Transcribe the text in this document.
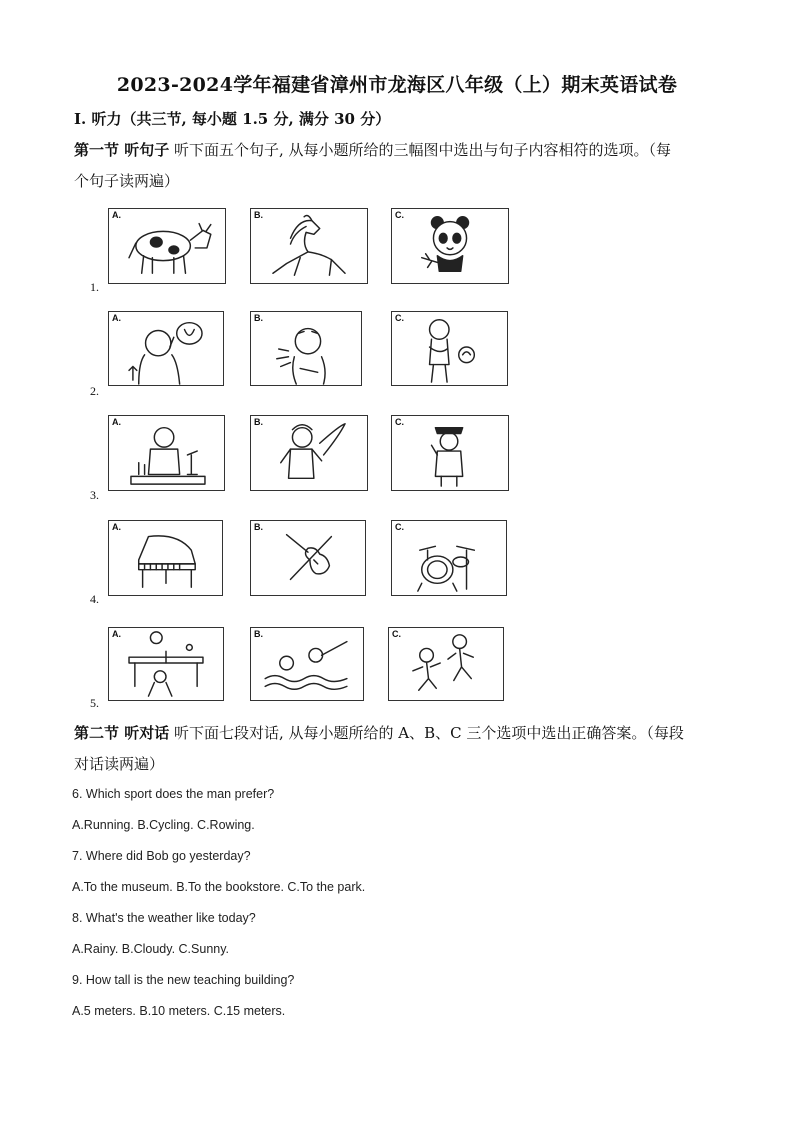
2023-2024学年福建省漳州市龙海区八年级（上）期末英语试卷
Ⅰ. 听力（共三节, 每小题 1.5 分, 满分 30 分）
第一节 听句子 听下面五个句子, 从每小题所给的三幅图中选出与句子内容相符的选项。（每
个句子读两遍）
1.
A.	B.	C.
2.
A.	B.	C.
3.
A.	B.	C.
4.
A.	B.	C.
5.
A.	B.	C.
第二节 听对话 听下面七段对话, 从每小题所给的 A、B、C 三个选项中选出正确答案。（每段
对话读两遍）
6. Which sport does the man prefer?
A.Running. B.Cycling. C.Rowing.
7. Where did Bob go yesterday?
A.To the museum. B.To the bookstore. C.To the park.
8. What's the weather like today?
A.Rainy. B.Cloudy. C.Sunny.
9. How tall is the new teaching building?
A.5 meters. B.10 meters. C.15 meters.
